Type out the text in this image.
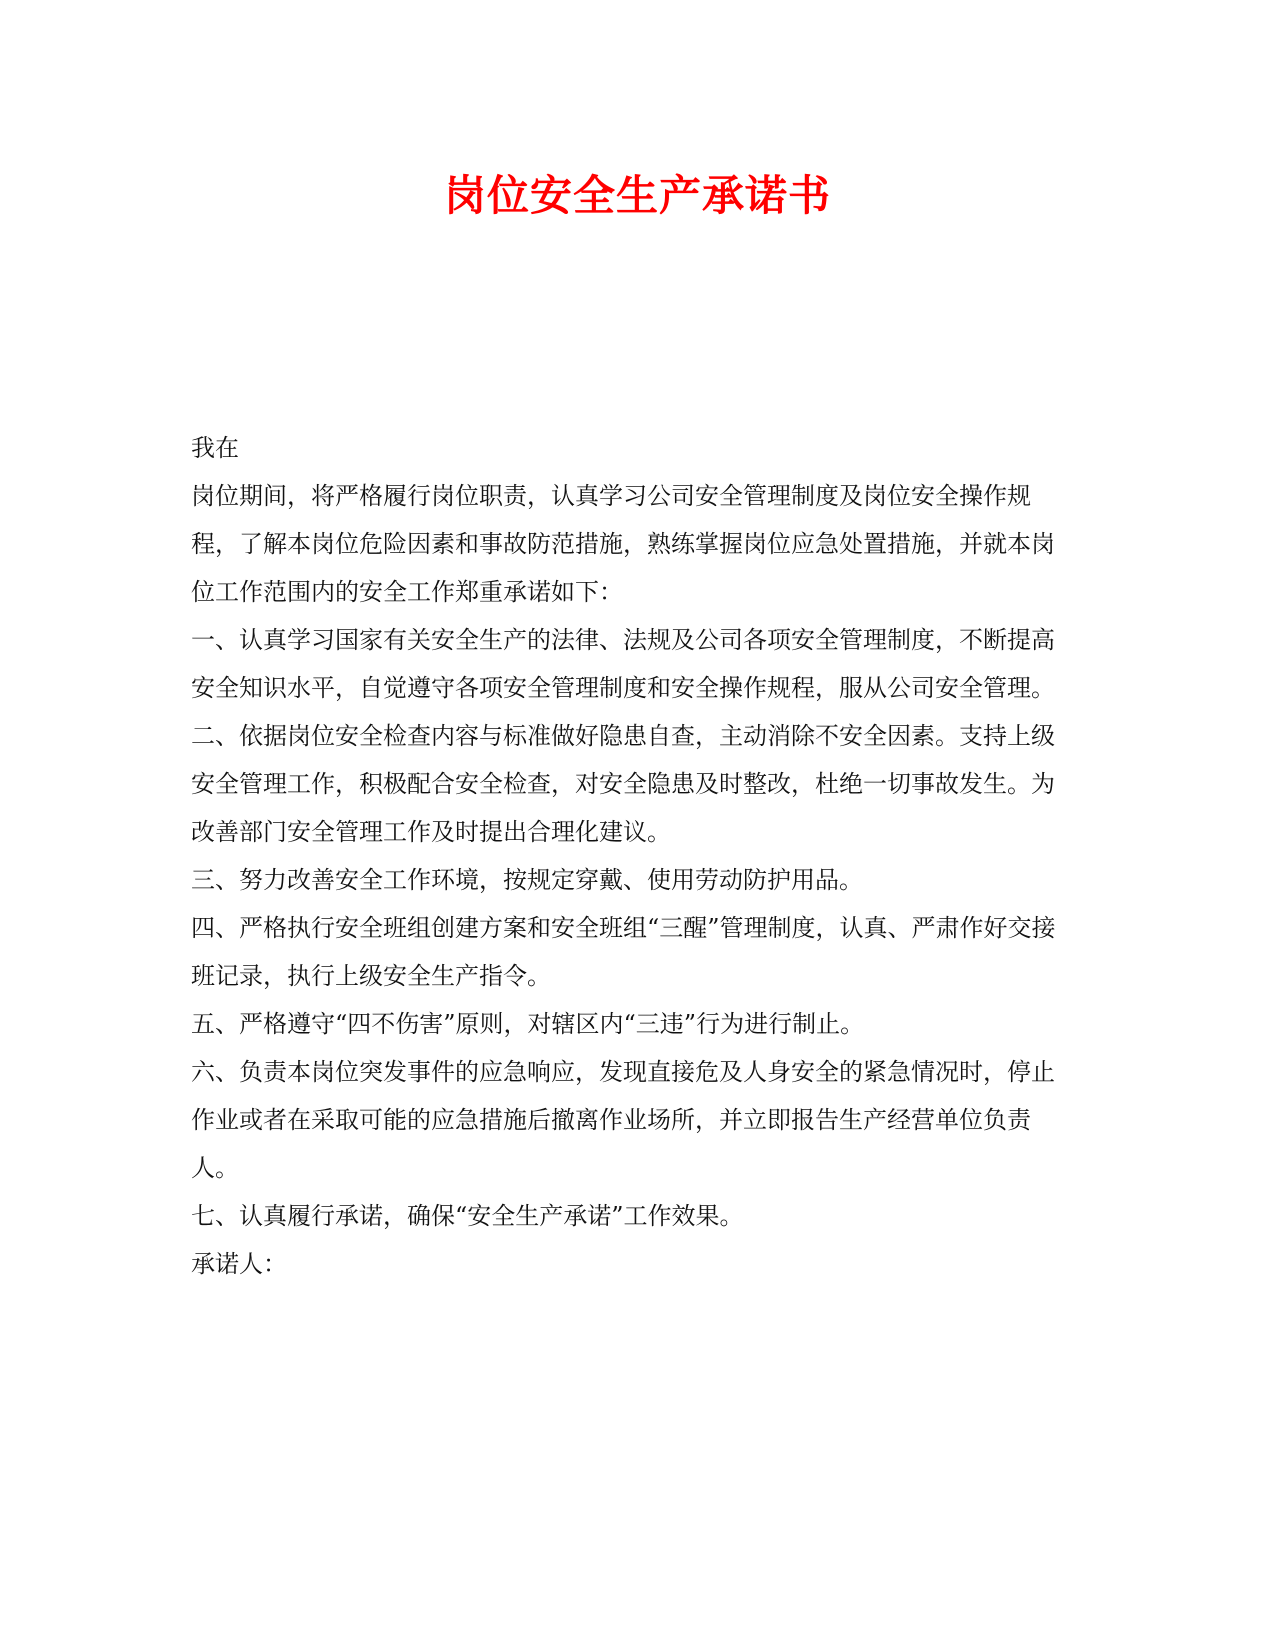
岗位安全生产承诺书

我在

岗位期间，将严格履行岗位职责，认真学习公司安全管理制度及岗位安全操作规程，了解本岗位危险因素和事故防范措施，熟练掌握岗位应急处置措施，并就本岗位工作范围内的安全工作郑重承诺如下：

一、认真学习国家有关安全生产的法律、法规及公司各项安全管理制度，不断提高安全知识水平，自觉遵守各项安全管理制度和安全操作规程，服从公司安全管理。

二、依据岗位安全检查内容与标准做好隐患自查，主动消除不安全因素。支持上级安全管理工作，积极配合安全检查，对安全隐患及时整改，杜绝一切事故发生。为改善部门安全管理工作及时提出合理化建议。

三、努力改善安全工作环境，按规定穿戴、使用劳动防护用品。

四、严格执行安全班组创建方案和安全班组“三醒”管理制度，认真、严肃作好交接班记录，执行上级安全生产指令。

五、严格遵守“四不伤害”原则，对辖区内“三违”行为进行制止。

六、负责本岗位突发事件的应急响应，发现直接危及人身安全的紧急情况时，停止作业或者在采取可能的应急措施后撤离作业场所，并立即报告生产经营单位负责人。

七、认真履行承诺，确保“安全生产承诺”工作效果。

承诺人：
